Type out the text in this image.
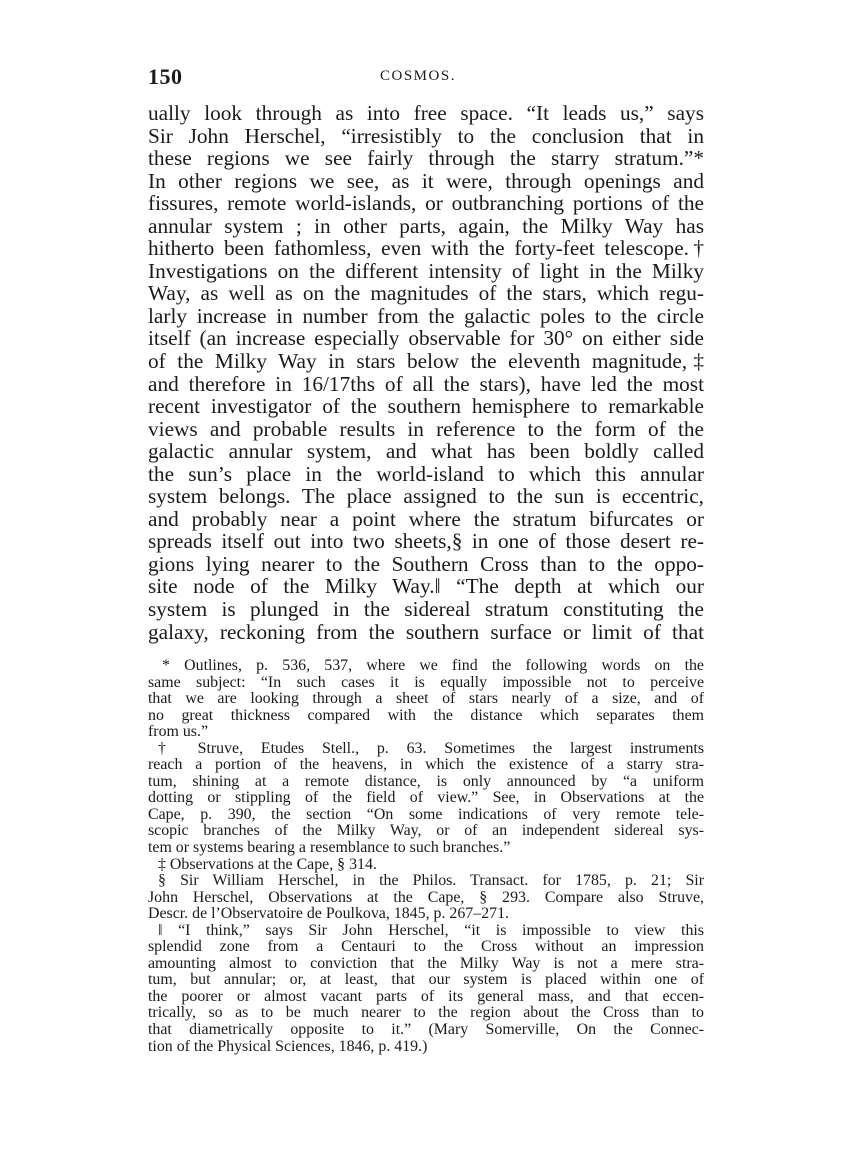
150	COSMOS.
ually look through as into free space. “It leads us,” says
Sir John Herschel, “irresistibly to the conclusion that in
these regions we see fairly through the starry stratum.”*
In other regions we see, as it were, through openings and
fissures, remote world-islands, or outbranching portions of the
annular system ; in other parts, again, the Milky Way has
hitherto been fathomless, even with the forty-feet telescope.†
Investigations on the different intensity of light in the Milky
Way, as well as on the magnitudes of the stars, which regu-
larly increase in number from the galactic poles to the circle
itself (an increase especially observable for 30° on either side
of the Milky Way in stars below the eleventh magnitude,‡
and therefore in 16/17ths of all the stars), have led the most
recent investigator of the southern hemisphere to remarkable
views and probable results in reference to the form of the
galactic annular system, and what has been boldly called
the sun’s place in the world-island to which this annular
system belongs. The place assigned to the sun is eccentric,
and probably near a point where the stratum bifurcates or
spreads itself out into two sheets,§ in one of those desert re-
gions lying nearer to the Southern Cross than to the oppo-
site node of the Milky Way.‖ “The depth at which our
system is plunged in the sidereal stratum constituting the
galaxy, reckoning from the southern surface or limit of that
* Outlines, p. 536, 537, where we find the following words on the
same subject: “In such cases it is equally impossible not to perceive
that we are looking through a sheet of stars nearly of a size, and of
no great thickness compared with the distance which separates them
from us.”
† Struve, Etudes Stell., p. 63. Sometimes the largest instruments
reach a portion of the heavens, in which the existence of a starry stra-
tum, shining at a remote distance, is only announced by “a uniform
dotting or stippling of the field of view.” See, in Observations at the
Cape, p. 390, the section “On some indications of very remote tele-
scopic branches of the Milky Way, or of an independent sidereal sys-
tem or systems bearing a resemblance to such branches.”
‡ Observations at the Cape, § 314.
§ Sir William Herschel, in the Philos. Transact. for 1785, p. 21; Sir
John Herschel, Observations at the Cape, § 293. Compare also Struve,
Descr. de l’Observatoire de Poulkova, 1845, p. 267–271.
‖ “I think,” says Sir John Herschel, “it is impossible to view this
splendid zone from a Centauri to the Cross without an impression
amounting almost to conviction that the Milky Way is not a mere stra-
tum, but annular; or, at least, that our system is placed within one of
the poorer or almost vacant parts of its general mass, and that eccen-
trically, so as to be much nearer to the region about the Cross than to
that diametrically opposite to it.” (Mary Somerville, On the Connec-
tion of the Physical Sciences, 1846, p. 419.)
